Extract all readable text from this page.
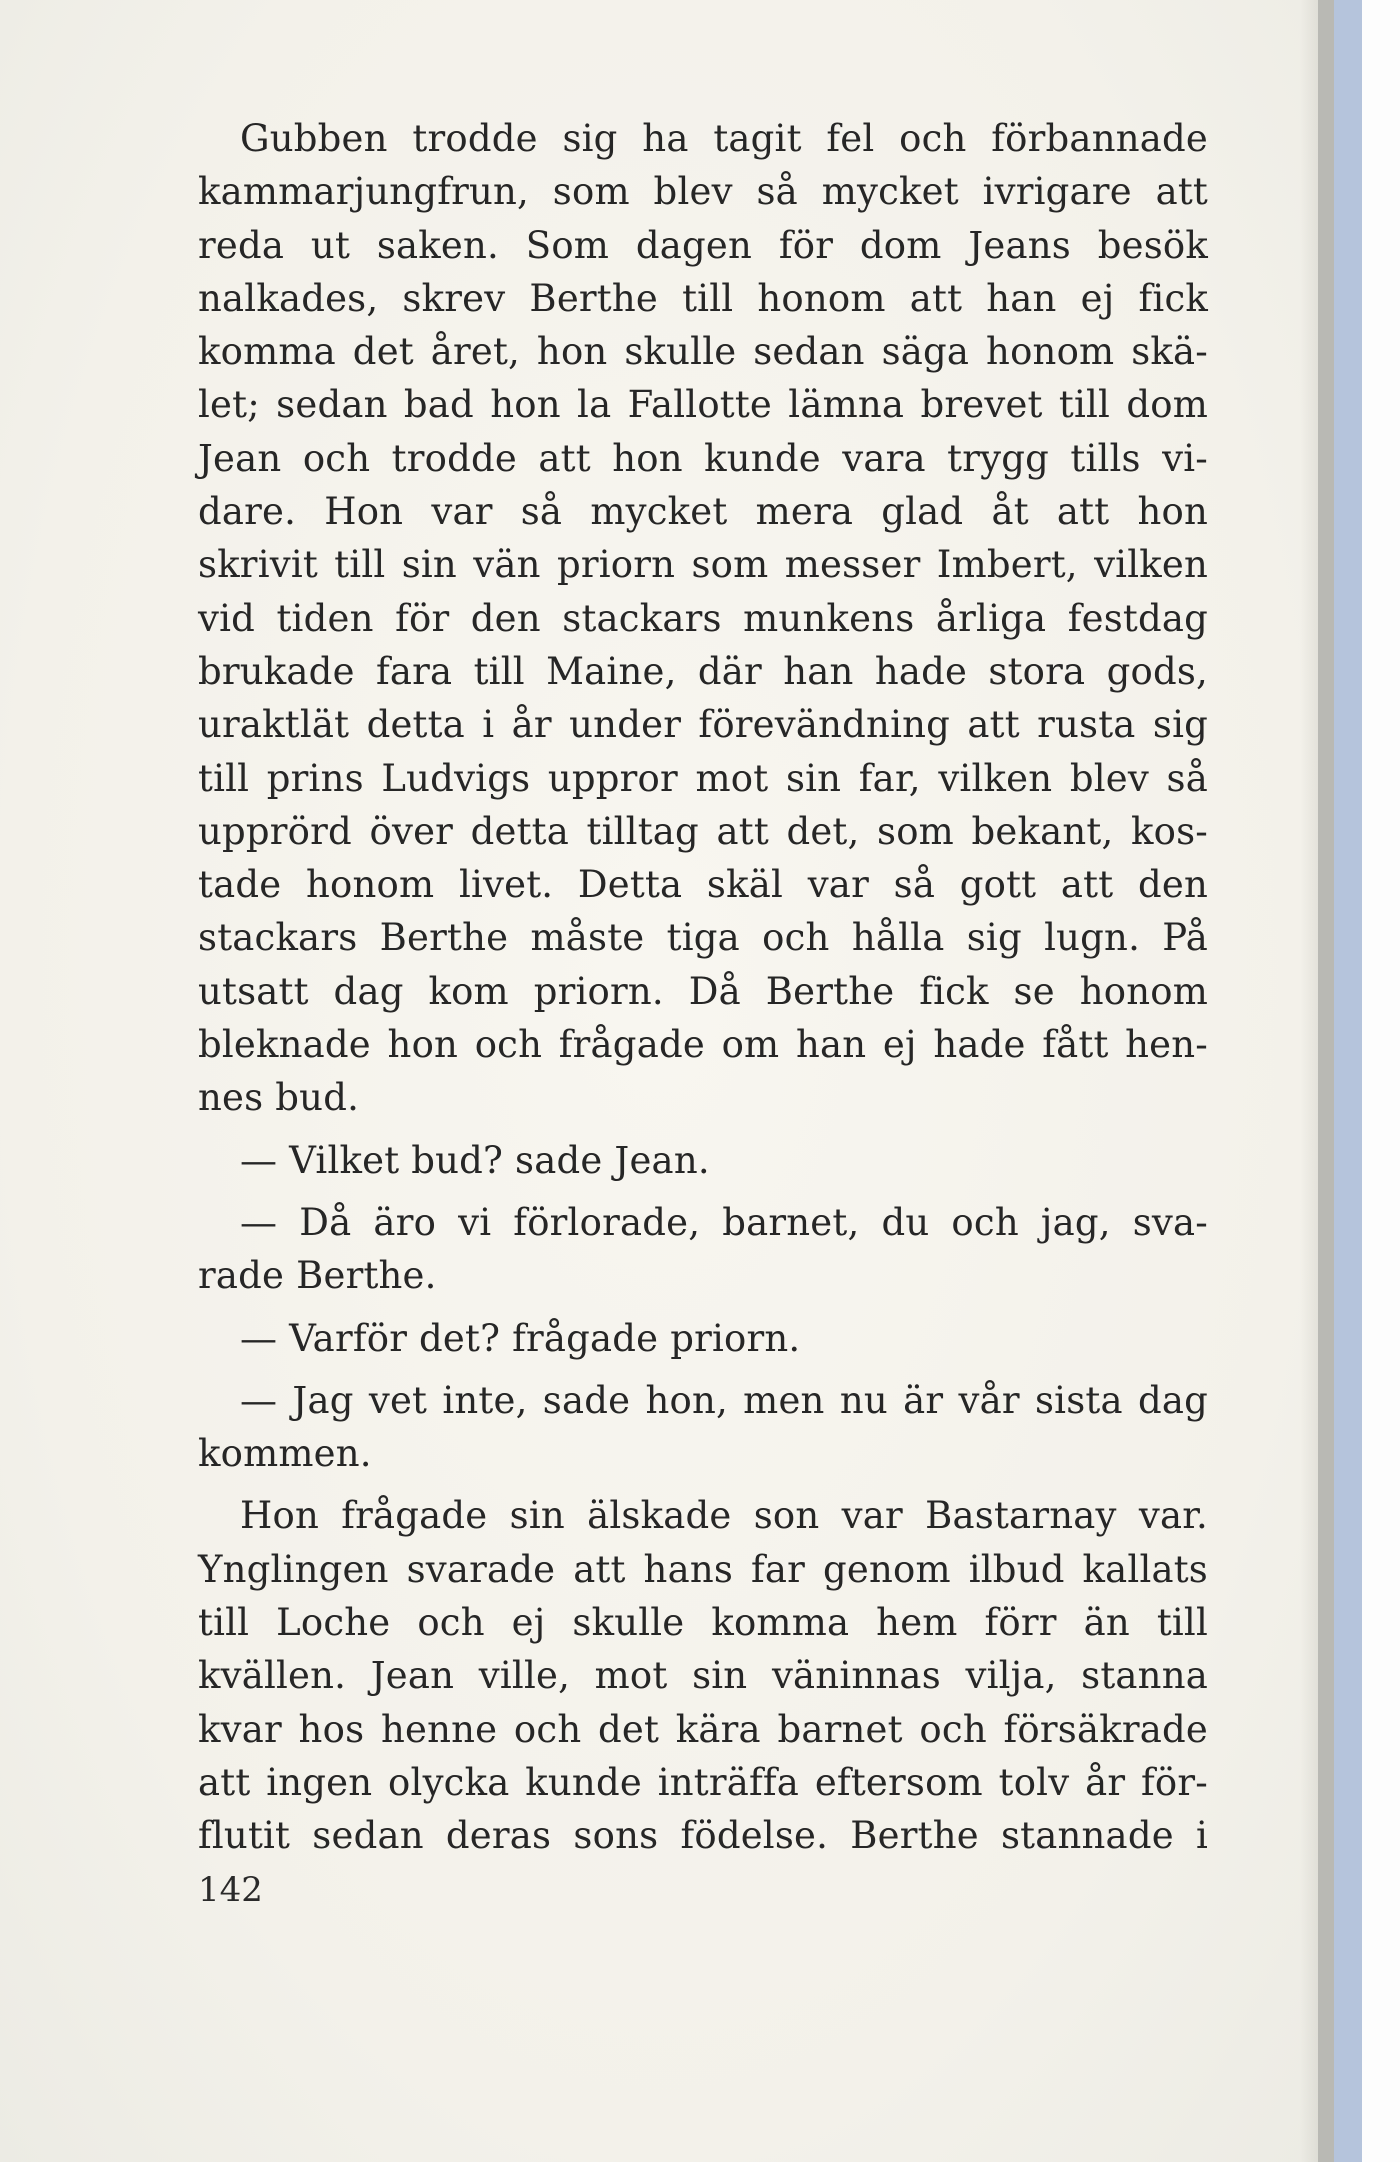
Gubben trodde sig ha tagit fel och förbannade
kammarjungfrun, som blev så mycket ivrigare att
reda ut saken. Som dagen för dom Jeans besök
nalkades, skrev Berthe till honom att han ej fick
komma det året, hon skulle sedan säga honom skä-
let; sedan bad hon la Fallotte lämna brevet till dom
Jean och trodde att hon kunde vara trygg tills vi-
dare. Hon var så mycket mera glad åt att hon
skrivit till sin vän priorn som messer Imbert, vilken
vid tiden för den stackars munkens årliga festdag
brukade fara till Maine, där han hade stora gods,
uraktlät detta i år under förevändning att rusta sig
till prins Ludvigs uppror mot sin far, vilken blev så
upprörd över detta tilltag att det, som bekant, kos-
tade honom livet. Detta skäl var så gott att den
stackars Berthe måste tiga och hålla sig lugn. På
utsatt dag kom priorn. Då Berthe fick se honom
bleknade hon och frågade om han ej hade fått hen-
nes bud.

— Vilket bud? sade Jean.

— Då äro vi förlorade, barnet, du och jag, sva-
rade Berthe.

— Varför det? frågade priorn.

— Jag vet inte, sade hon, men nu är vår sista dag
kommen.

Hon frågade sin älskade son var Bastarnay var.
Ynglingen svarade att hans far genom ilbud kallats
till Loche och ej skulle komma hem förr än till
kvällen. Jean ville, mot sin väninnas vilja, stanna
kvar hos henne och det kära barnet och försäkrade
att ingen olycka kunde inträffa eftersom tolv år för-
flutit sedan deras sons födelse. Berthe stannade i

142
